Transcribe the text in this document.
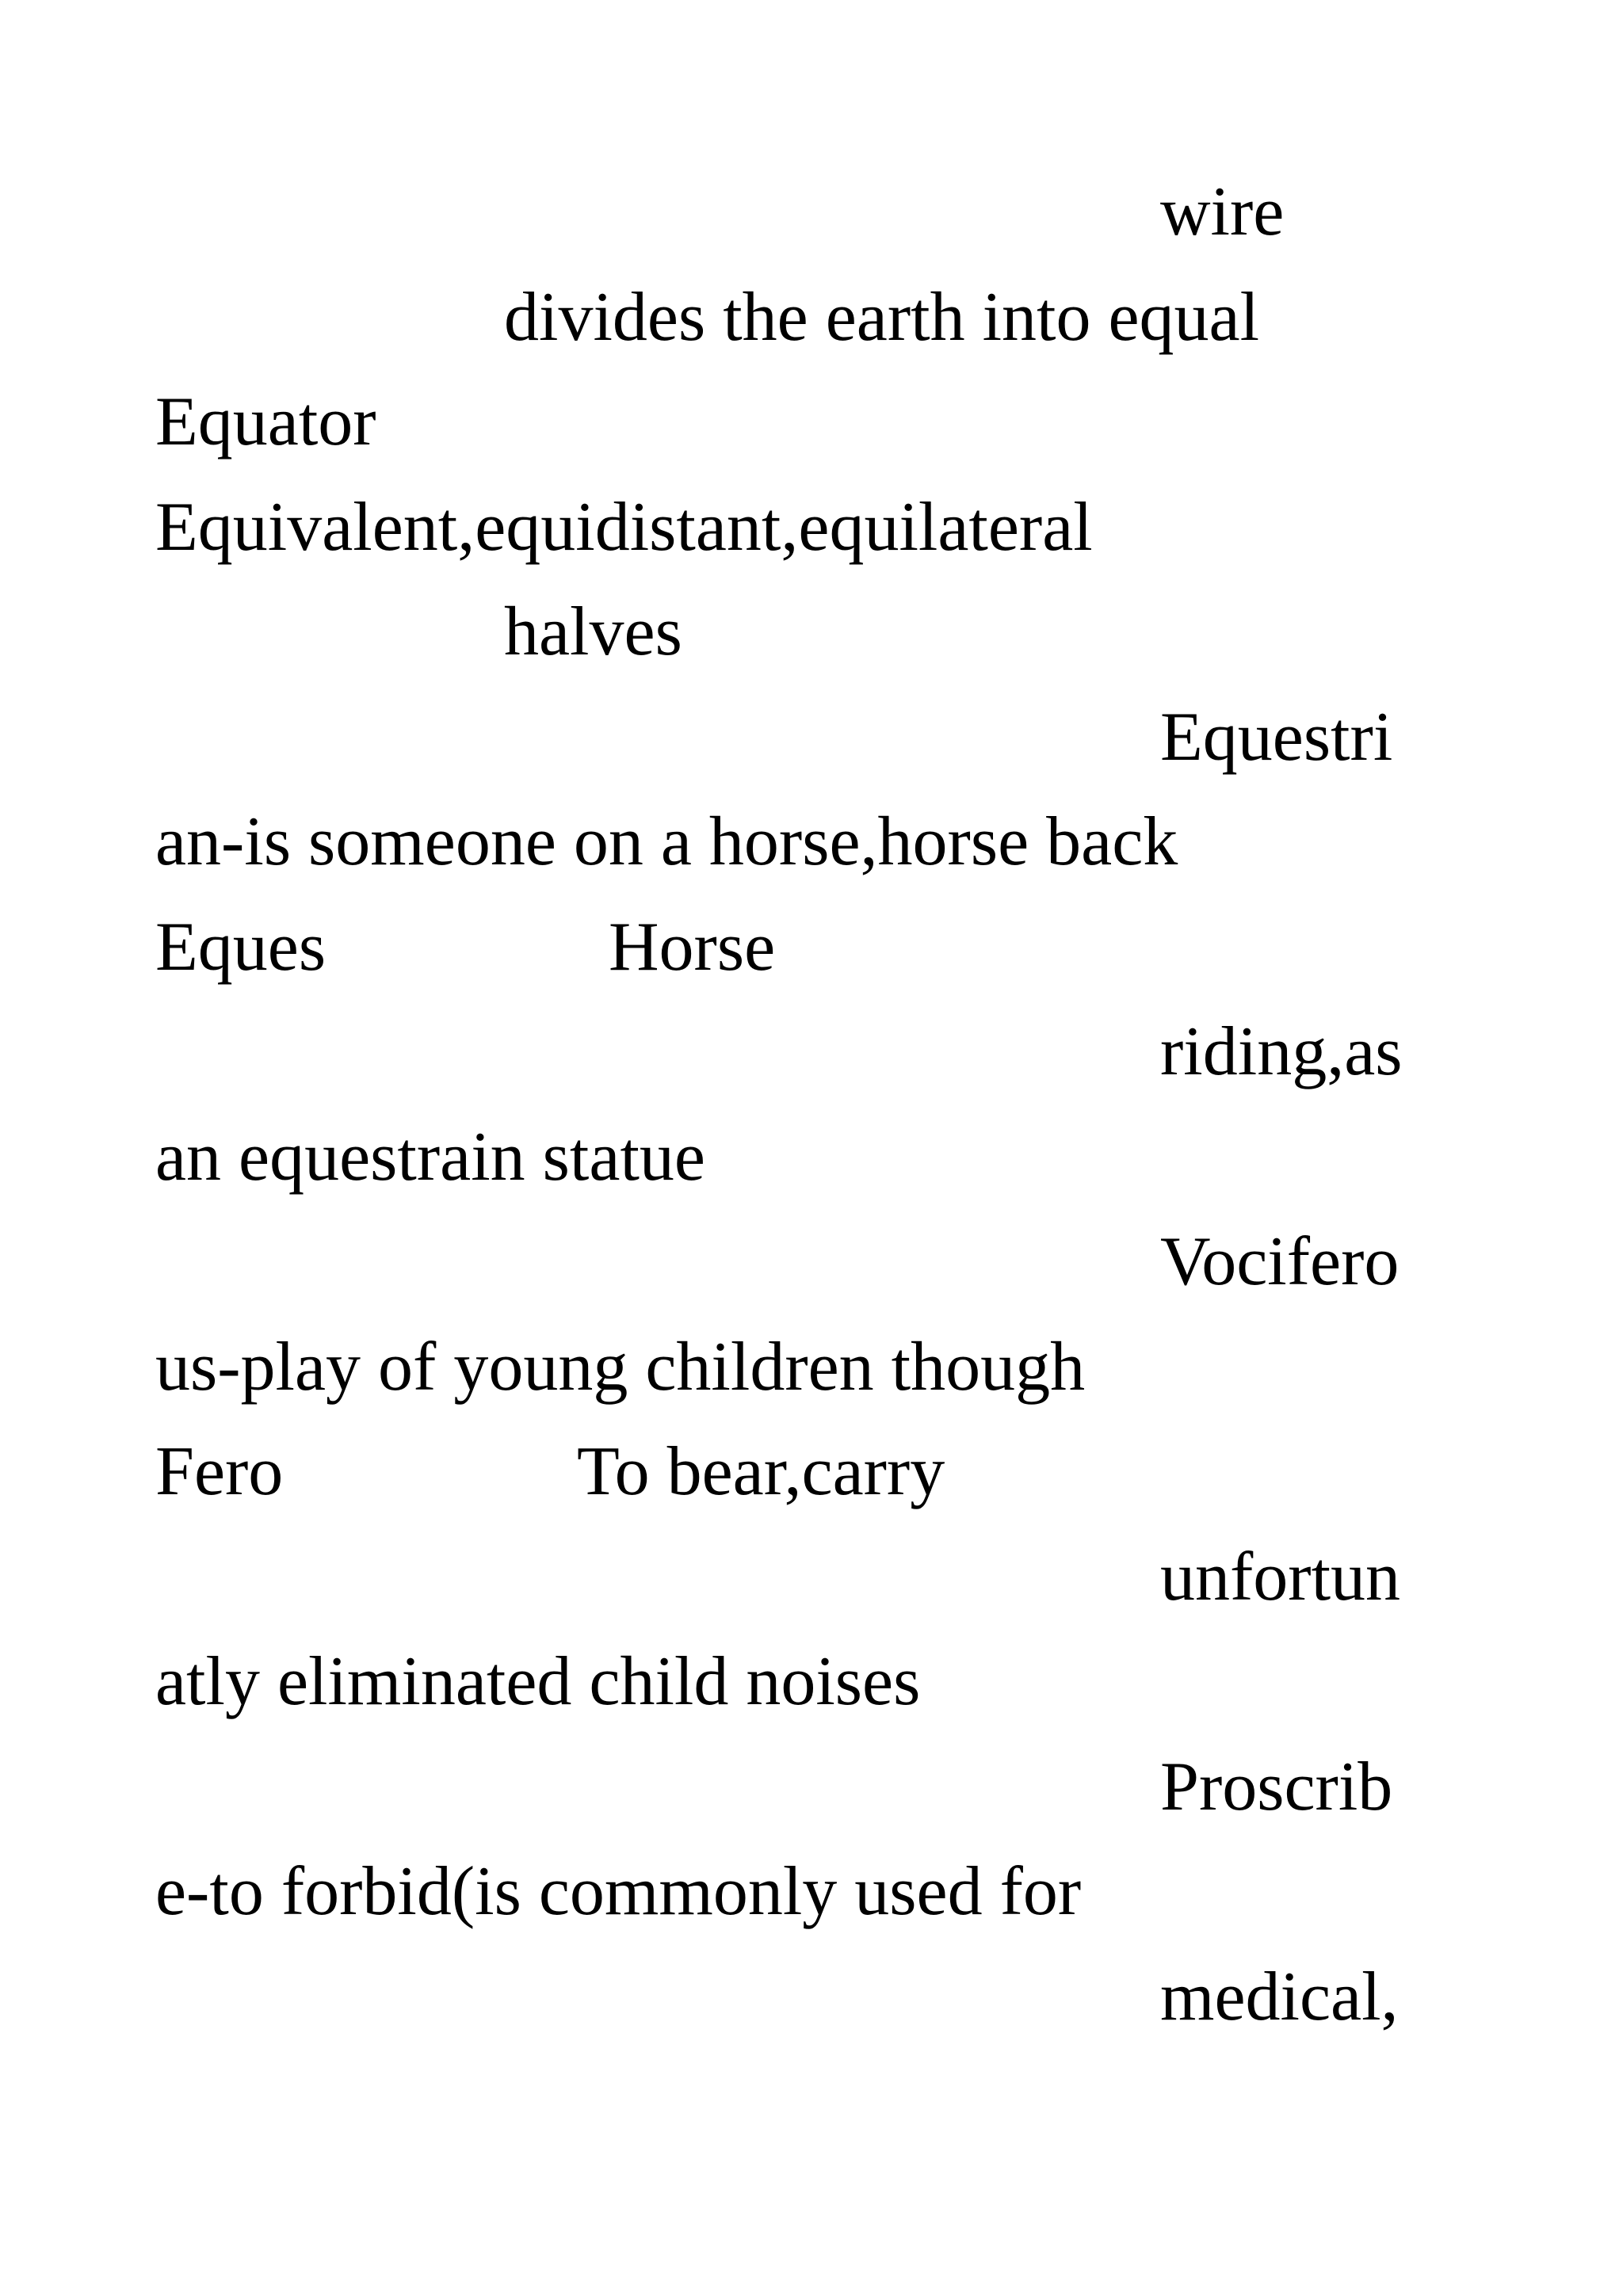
wire

divides the earth into equal

Equator

Equivalent,equidistant,equilateral

halves

Equestri

an-is someone on a horse,horse back

Eques	Horse

riding,as

an equestrain statue

Vocifero

us-play of young children though

Fero	To bear,carry

unfortun

atly eliminated child noises

Proscrib

e-to forbid(is commonly used for

medical,
